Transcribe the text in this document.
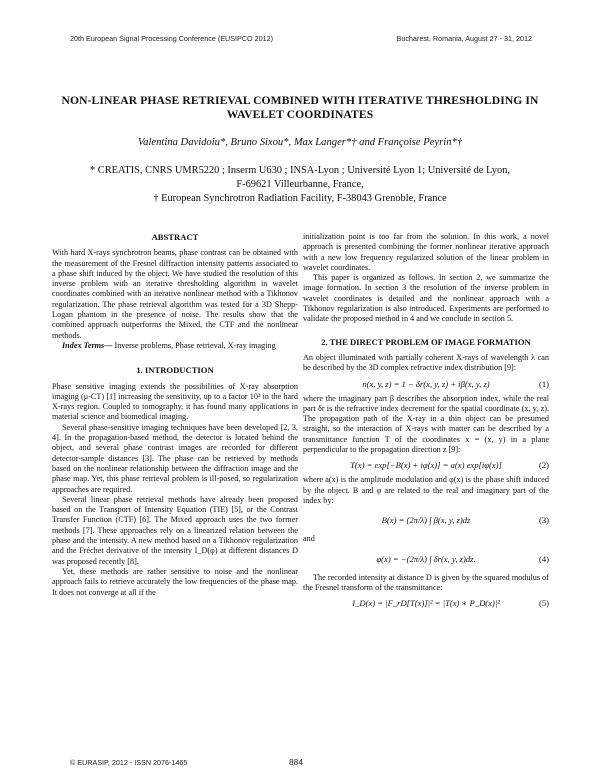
20th European Signal Processing Conference (EUSIPCO 2012)	Bucharest, Romania, August 27 - 31, 2012
NON-LINEAR PHASE RETRIEVAL COMBINED WITH ITERATIVE THRESHOLDING IN WAVELET COORDINATES
Valentina Davidoiu*, Bruno Sixou*, Max Langer*† and Françoise Peyrin*†
* CREATIS, CNRS UMR5220 ; Inserm U630 ; INSA-Lyon ; Université Lyon 1; Université de Lyon,
F-69621 Villeurbanne, France,
† European Synchrotron Radiation Facility, F-38043 Grenoble, France
ABSTRACT

With hard X-rays synchrotron beams, phase contrast can be obtained with the measurement of the Fresnel diffraction intensity patterns associated to a phase shift induced by the object. We have studied the resolution of this inverse problem with an iterative thresholding algorithm in wavelet coordinates combined with an iterative nonlinear method with a Tikhonov regularization. The phase retrieval algorithm was tested for a 3D Shepp-Logan phantom in the presence of noise. The results show that the combined approach outperforms the Mixed, the CTF and the nonlinear methods.

Index Terms— Inverse problems, Phase retrieval, X-ray imaging

1. INTRODUCTION

Phase sensitive imaging extends the possibilities of X-ray absorption imaging (μ-CT) [1] increasing the sensitivity, up to a factor 10³ in the hard X-rays region. Coupled to tomography, it has found many applications in material science and biomedical imaging.

Several phase-sensitive imaging techniques have been developed [2, 3, 4]. In the propagation-based method, the detector is located behind the object, and several phase contrast images are recorded for different detector-sample distances [3]. The phase can be retrieved by methods based on the nonlinear relationship between the diffraction image and the phase map. Yet, this phase retrieval problem is ill-posed, so regularization approaches are required.

Several linear phase retrieval methods have already been proposed based on the Transport of Intensity Equation (TIE) [5], or the Contrast Transfer Function (CTF) [6]. The Mixed approach uses the two former methods [7]. These approaches rely on a linearized relation between the phase and the intensity. A new method based on a Tikhonov regularization and the Fréchet derivative of the intensity I_D(φ) at different distances D was proposed recently [8].

Yet, these methods are rather sensitive to noise and the nonlinear approach fails to retrieve accurately the low frequencies of the phase map. It does not converge at all if the

initialization point is too far from the solution. In this work, a novel approach is presented combining the former nonlinear iterative approach with a new low frequency regularized solution of the linear problem in wavelet coordinates.

This paper is organized as follows. In section 2, we summarize the image formation. In section 3 the resolution of the inverse problem in wavelet coordinates is detailed and the nonlinear approach with a Tikhonov regularization is also introduced. Experiments are performed to validate the proposed method in 4 and we conclude in section 5.

2. THE DIRECT PROBLEM OF IMAGE FORMATION

An object illuminated with partially coherent X-rays of wavelength λ can be described by the 3D complex refractive index distribution [9]:

n(x, y, z) = 1 − δr(x, y, z) + iβ(x, y, z)	(1)

where the imaginary part β describes the absorption index, while the real part δr is the refractive index decrement for the spatial coordinate (x, y, z). The propagation path of the X-ray in a thin object can be presumed straight, so the interaction of X-rays with matter can be described by a transmittance function T of the coordinates x = (x, y) in a plane perpendicular to the propagation direction z [9]:

T(x) = exp[−B(x) + iφ(x)] = a(x) exp[iφ(x)]	(2)

where a(x) is the amplitude modulation and φ(x) is the phase shift induced by the object. B and φ are related to the real and imaginary part of the index by:

B(x) = (2π/λ) ∫ β(x, y, z)dz	(3)

and

φ(x) = −(2π/λ) ∫ δr(x, y, z)dz.	(4)

The recorded intensity at distance D is given by the squared modulus of the Fresnel transform of the transmittance:

I_D(x) = |F_rD[T(x)]|² = |T(x) ∗ P_D(x)|²	(5)
© EURASIP, 2012 - ISSN 2076-1465	884
